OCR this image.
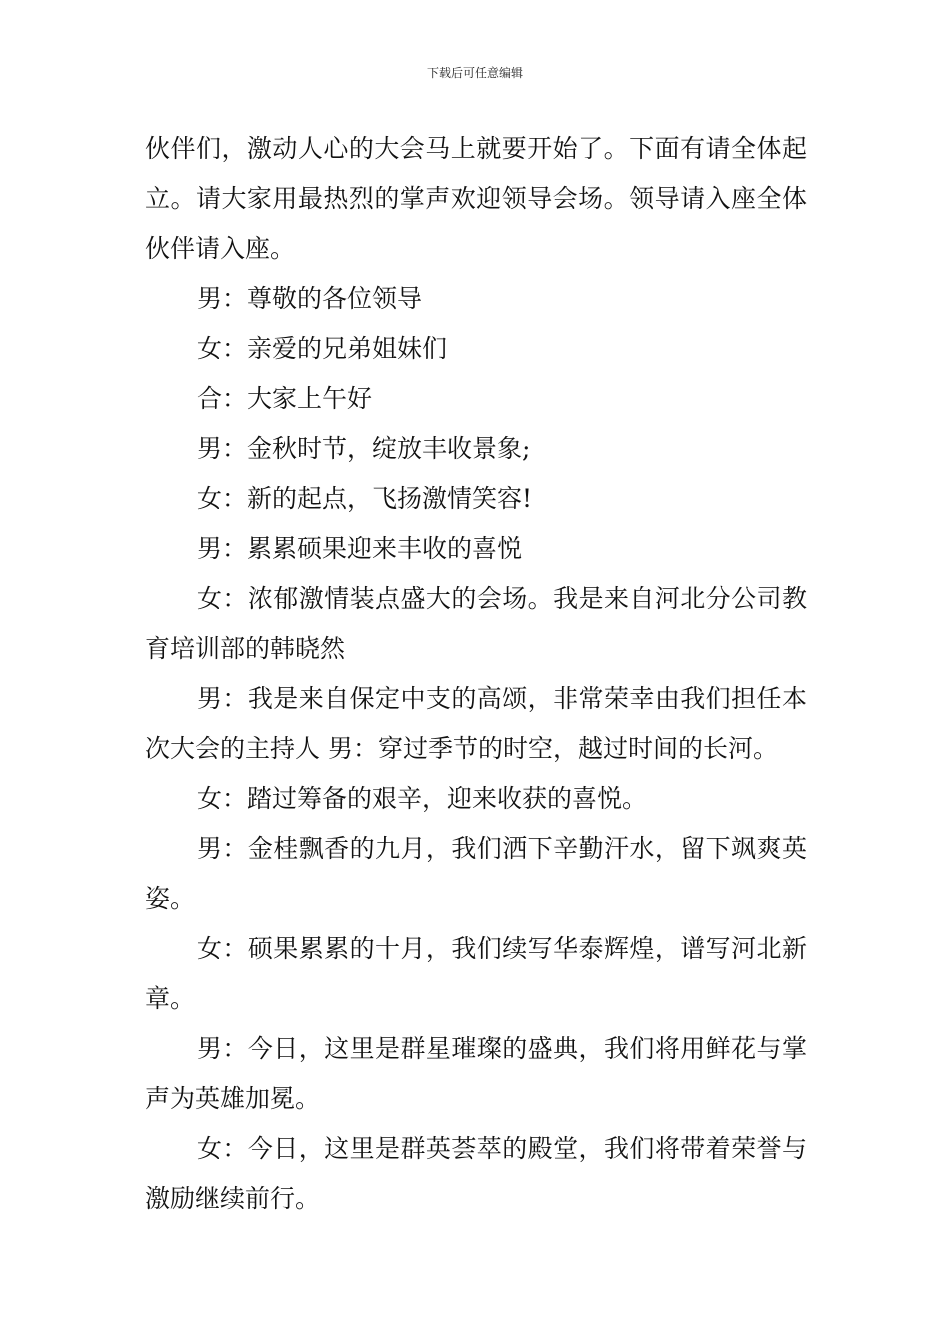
下载后可任意编辑

伙伴们，激动人心的大会马上就要开始了。下面有请全体起立。请大家用最热烈的掌声欢迎领导会场。领导请入座全体伙伴请入座。

男：尊敬的各位领导

女：亲爱的兄弟姐妹们

合：大家上午好

男：金秋时节，绽放丰收景象;

女：新的起点，飞扬激情笑容!

男：累累硕果迎来丰收的喜悦

女：浓郁激情装点盛大的会场。我是来自河北分公司教育培训部的韩晓然

男：我是来自保定中支的高颂，非常荣幸由我们担任本次大会的主持人 男：穿过季节的时空，越过时间的长河。

女：踏过筹备的艰辛，迎来收获的喜悦。

男：金桂飘香的九月，我们洒下辛勤汗水，留下飒爽英姿。

女：硕果累累的十月，我们续写华泰辉煌，谱写河北新章。

男：今日，这里是群星璀璨的盛典，我们将用鲜花与掌声为英雄加冕。

女：今日，这里是群英荟萃的殿堂，我们将带着荣誉与激励继续前行。
